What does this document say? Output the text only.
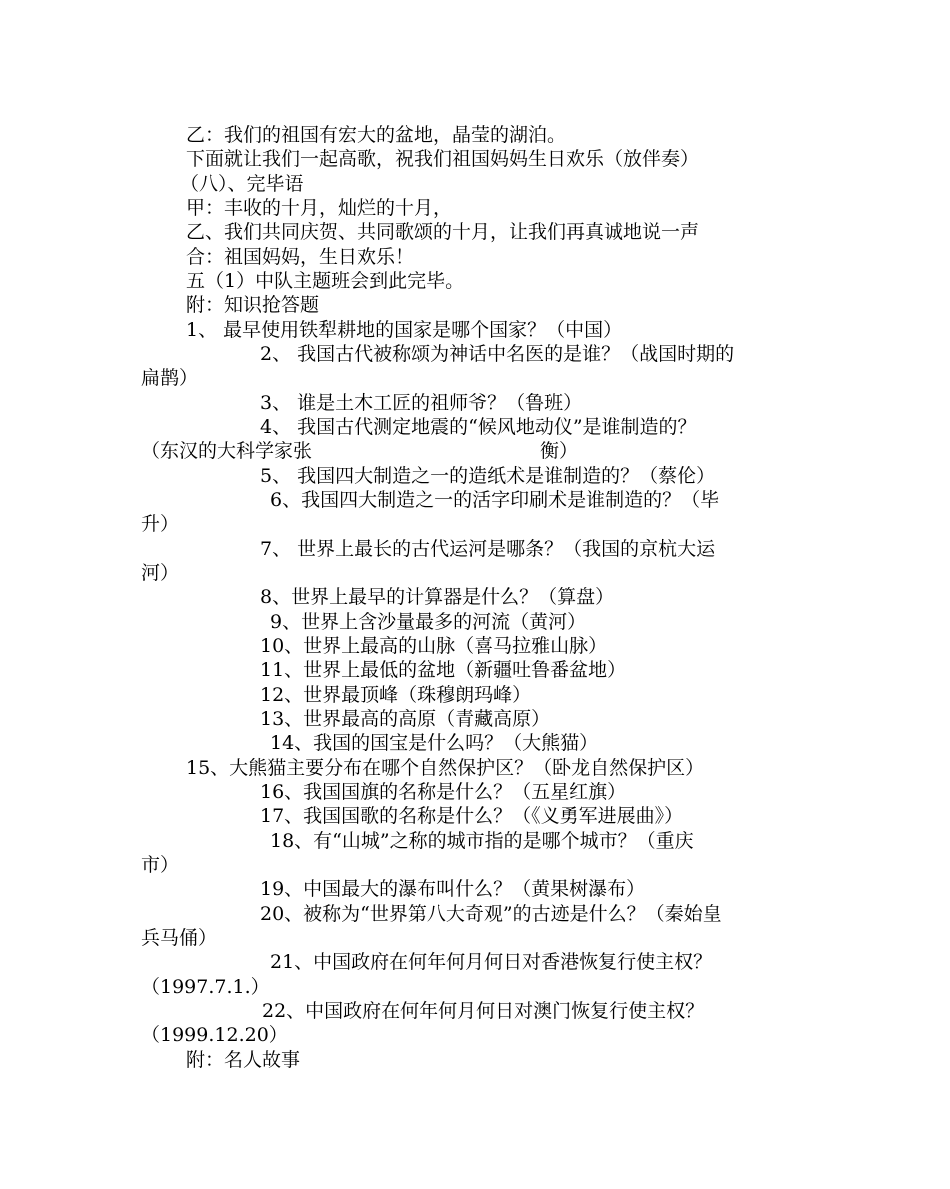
乙：我们的祖国有宏大的盆地，晶莹的湖泊。
下面就让我们一起高歌，祝我们祖国妈妈生日欢乐（放伴奏）
（八）、完毕语
甲：丰收的十月，灿烂的十月，
乙、我们共同庆贺、共同歌颂的十月，让我们再真诚地说一声
合：祖国妈妈，生日欢乐！
五（1）中队主题班会到此完毕。
附：知识抢答题
1、 最早使用铁犁耕地的国家是哪个国家？（中国）
2、 我国古代被称颂为神话中名医的是谁？（战国时期的
扁鹊）
3、 谁是土木工匠的祖师爷？（鲁班）
4、 我国古代测定地震的“候风地动仪”是谁制造的？
（东汉的大科学家张	衡）
5、 我国四大制造之一的造纸术是谁制造的？（蔡伦）
6、我国四大制造之一的活字印刷术是谁制造的？（毕
升）
7、 世界上最长的古代运河是哪条？（我国的京杭大运
河）
8、世界上最早的计算器是什么？（算盘）
9、世界上含沙量最多的河流（黄河）
10、世界上最高的山脉（喜马拉雅山脉）
11、世界上最低的盆地（新疆吐鲁番盆地）
12、世界最顶峰（珠穆朗玛峰）
13、世界最高的高原（青藏高原）
14、我国的国宝是什么吗？（大熊猫）
15、大熊猫主要分布在哪个自然保护区？（卧龙自然保护区）
16、我国国旗的名称是什么？（五星红旗）
17、我国国歌的名称是什么？（《义勇军进展曲》）
18、有“山城”之称的城市指的是哪个城市？（重庆
市）
19、中国最大的瀑布叫什么？（黄果树瀑布）
20、被称为“世界第八大奇观”的古迹是什么？（秦始皇
兵马俑）
21、中国政府在何年何月何日对香港恢复行使主权？
（1997.7.1.）
22、中国政府在何年何月何日对澳门恢复行使主权？
（1999.12.20）
附：名人故事
